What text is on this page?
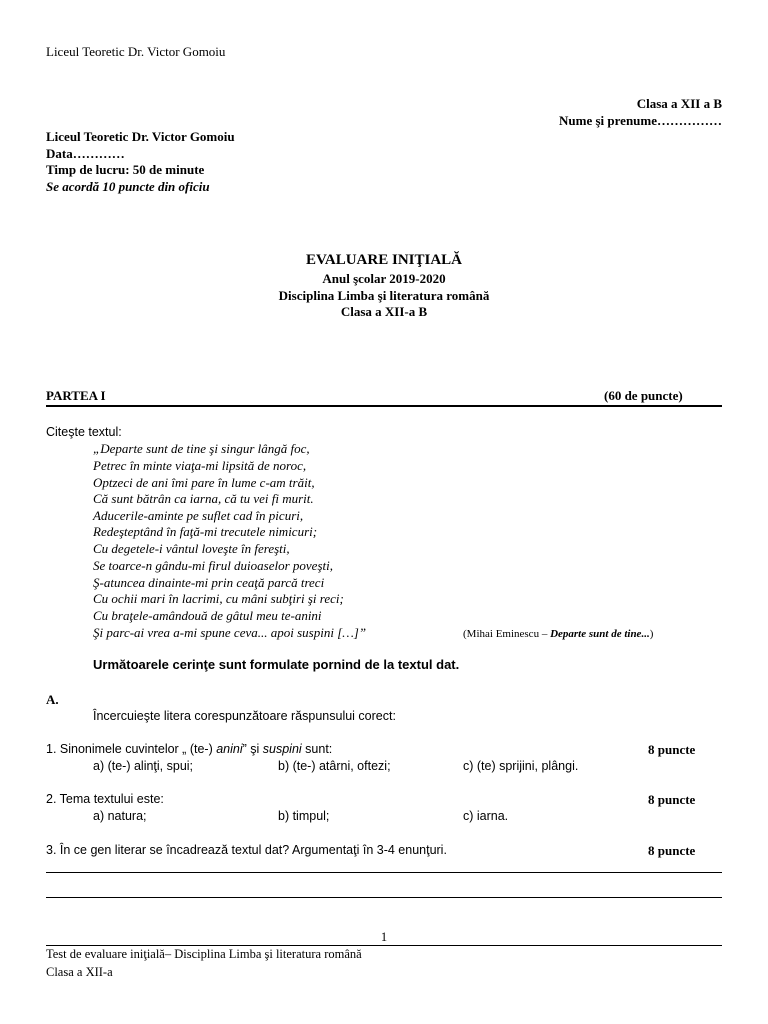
Liceul Teoretic Dr. Victor Gomoiu
Clasa a XII a B
Nume şi prenume……………
Liceul Teoretic Dr. Victor Gomoiu
Data…………
Timp de lucru: 50 de minute
Se acordă 10 puncte din oficiu
EVALUARE INIŢIALĂ
Anul şcolar 2019-2020
Disciplina Limba şi literatura română
Clasa a XII-a B
PARTEA I	(60 de puncte)
Citeşte textul:
„Departe sunt de tine şi singur lângă foc,
Petrec în minte viaţa-mi lipsită de noroc,
Optzeci de ani îmi pare în lume c-am trăit,
Că sunt bătrân ca iarna, că tu vei fi murit.
Aducerile-aminte pe suflet cad în picuri,
Redeşteptând în faţă-mi trecutele nimicuri;
Cu degetele-i vântul loveşte în fereşti,
Se toarce-n gându-mi firul duioaselor poveşti,
Ş-atuncea dinainte-mi prin ceaţă parcă treci
Cu ochii mari în lacrimi, cu mâni subţiri şi reci;
Cu braţele-amândouă de gâtul meu te-anini
Şi parc-ai vrea a-mi spune ceva... apoi suspini […]”	(Mihai Eminescu – Departe sunt de tine...)
Următoarele cerinţe sunt formulate pornind de la textul dat.
A.
Încercuieşte litera corespunzătoare răspunsului corect:
1. Sinonimele cuvintelor „ (te-) anini” şi suspini sunt:	8 puncte
a) (te-) alinţi, spui;	b) (te-) atârni, oftezi;	c) (te) sprijini, plângi.
2. Tema textului este:	8 puncte
a) natura;	b) timpul;	c) iarna.
3. În ce gen literar se încadrează textul dat? Argumentaţi în 3-4 enunţuri.	8 puncte
1
Test de evaluare iniţială– Disciplina Limba şi literatura română
Clasa a XII-a
